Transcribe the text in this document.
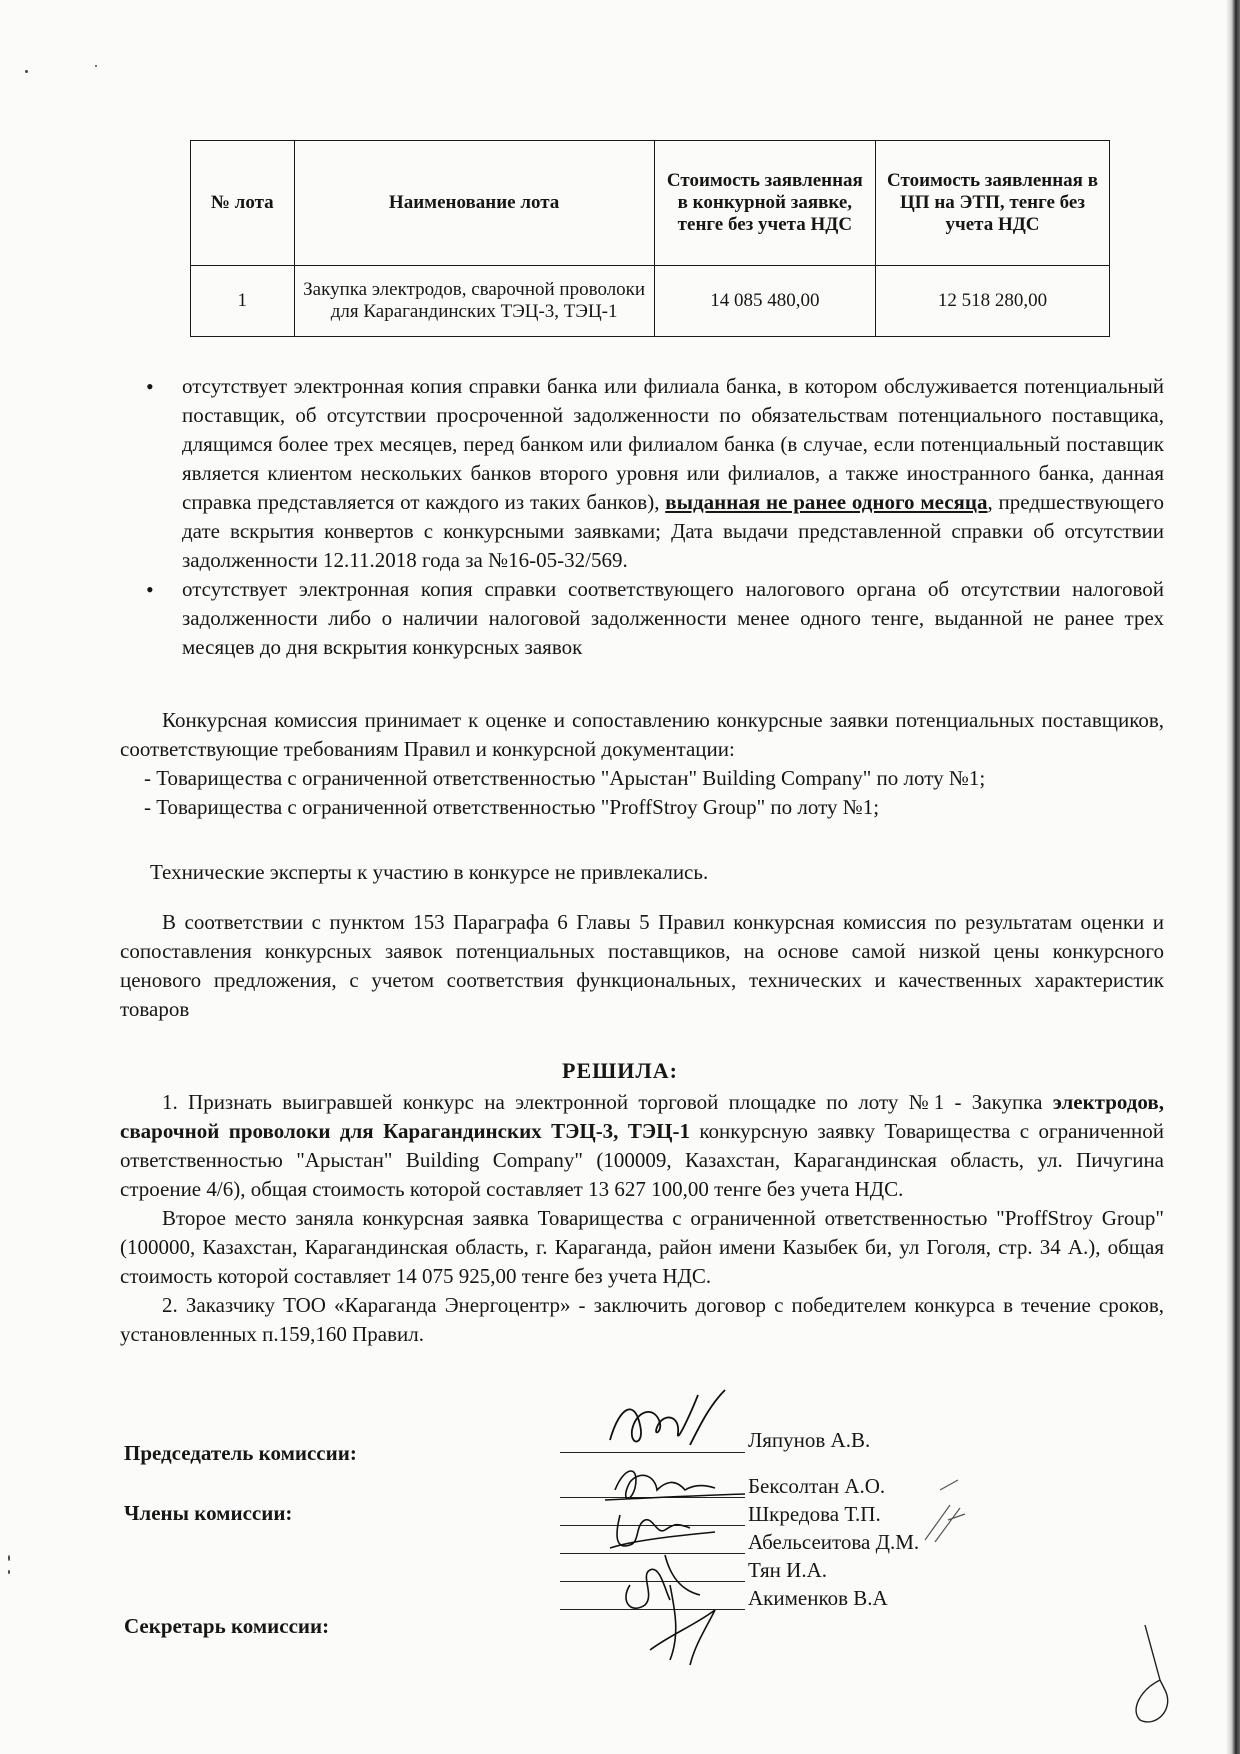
№ лота	Наименование лота	Стоимость заявленная в конкурной заявке, тенге без учета НДС	Стоимость заявленная в ЦП на ЭТП, тенге без учета НДС
1	Закупка электродов, сварочной проволоки для Карагандинских ТЭЦ-3, ТЭЦ-1	14 085 480,00	12 518 280,00
• отсутствует электронная копия справки банка или филиала банка, в котором обслуживается потенциальный поставщик, об отсутствии просроченной задолженности по обязательствам потенциального поставщика, длящимся более трех месяцев, перед банком или филиалом банка (в случае, если потенциальный поставщик является клиентом нескольких банков второго уровня или филиалов, а также иностранного банка, данная справка представляется от каждого из таких банков), выданная не ранее одного месяца, предшествующего дате вскрытия конвертов с конкурсными заявками; Дата выдачи представленной справки об отсутствии задолженности 12.11.2018 года за №16-05-32/569.
• отсутствует электронная копия справки соответствующего налогового органа об отсутствии налоговой задолженности либо о наличии налоговой задолженности менее одного тенге, выданной не ранее трех месяцев до дня вскрытия конкурсных заявок
Конкурсная комиссия принимает к оценке и сопоставлению конкурсные заявки потенциальных поставщиков, соответствующие требованиям Правил и конкурсной документации:
- Товарищества с ограниченной ответственностью "Арыстан" Building Company" по лоту №1;
- Товарищества с ограниченной ответственностью "ProffStroy Group" по лоту №1;
Технические эксперты к участию в конкурсе не привлекались.
В соответствии с пунктом 153 Параграфа 6 Главы 5 Правил конкурсная комиссия по результатам оценки и сопоставления конкурсных заявок потенциальных поставщиков, на основе самой низкой цены конкурсного ценового предложения, с учетом соответствия функциональных, технических и качественных характеристик товаров
РЕШИЛА:
1. Признать выигравшей конкурс на электронной торговой площадке по лоту №1 - Закупка электродов, сварочной проволоки для Карагандинских ТЭЦ-3, ТЭЦ-1 конкурсную заявку Товарищества с ограниченной ответственностью "Арыстан" Building Company" (100009, Казахстан, Карагандинская область, ул. Пичугина строение 4/6), общая стоимость которой составляет 13 627 100,00 тенге без учета НДС.
Второе место заняла конкурсная заявка Товарищества с ограниченной ответственностью "ProffStroy Group" (100000, Казахстан, Карагандинская область, г. Караганда, район имени Казыбек би, ул Гоголя, стр. 34 А.), общая стоимость которой составляет 14 075 925,00 тенге без учета НДС.
2. Заказчику ТОО «Караганда Энергоцентр» - заключить договор с победителем конкурса в течение сроков, установленных п.159,160 Правил.
Председатель комиссии:
Члены комиссии:
Секретарь комиссии:
Ляпунов А.В.
Бексолтан А.О.
Шкредова Т.П.
Абельсеитова Д.М.
Тян И.А.
Акименков В.А
